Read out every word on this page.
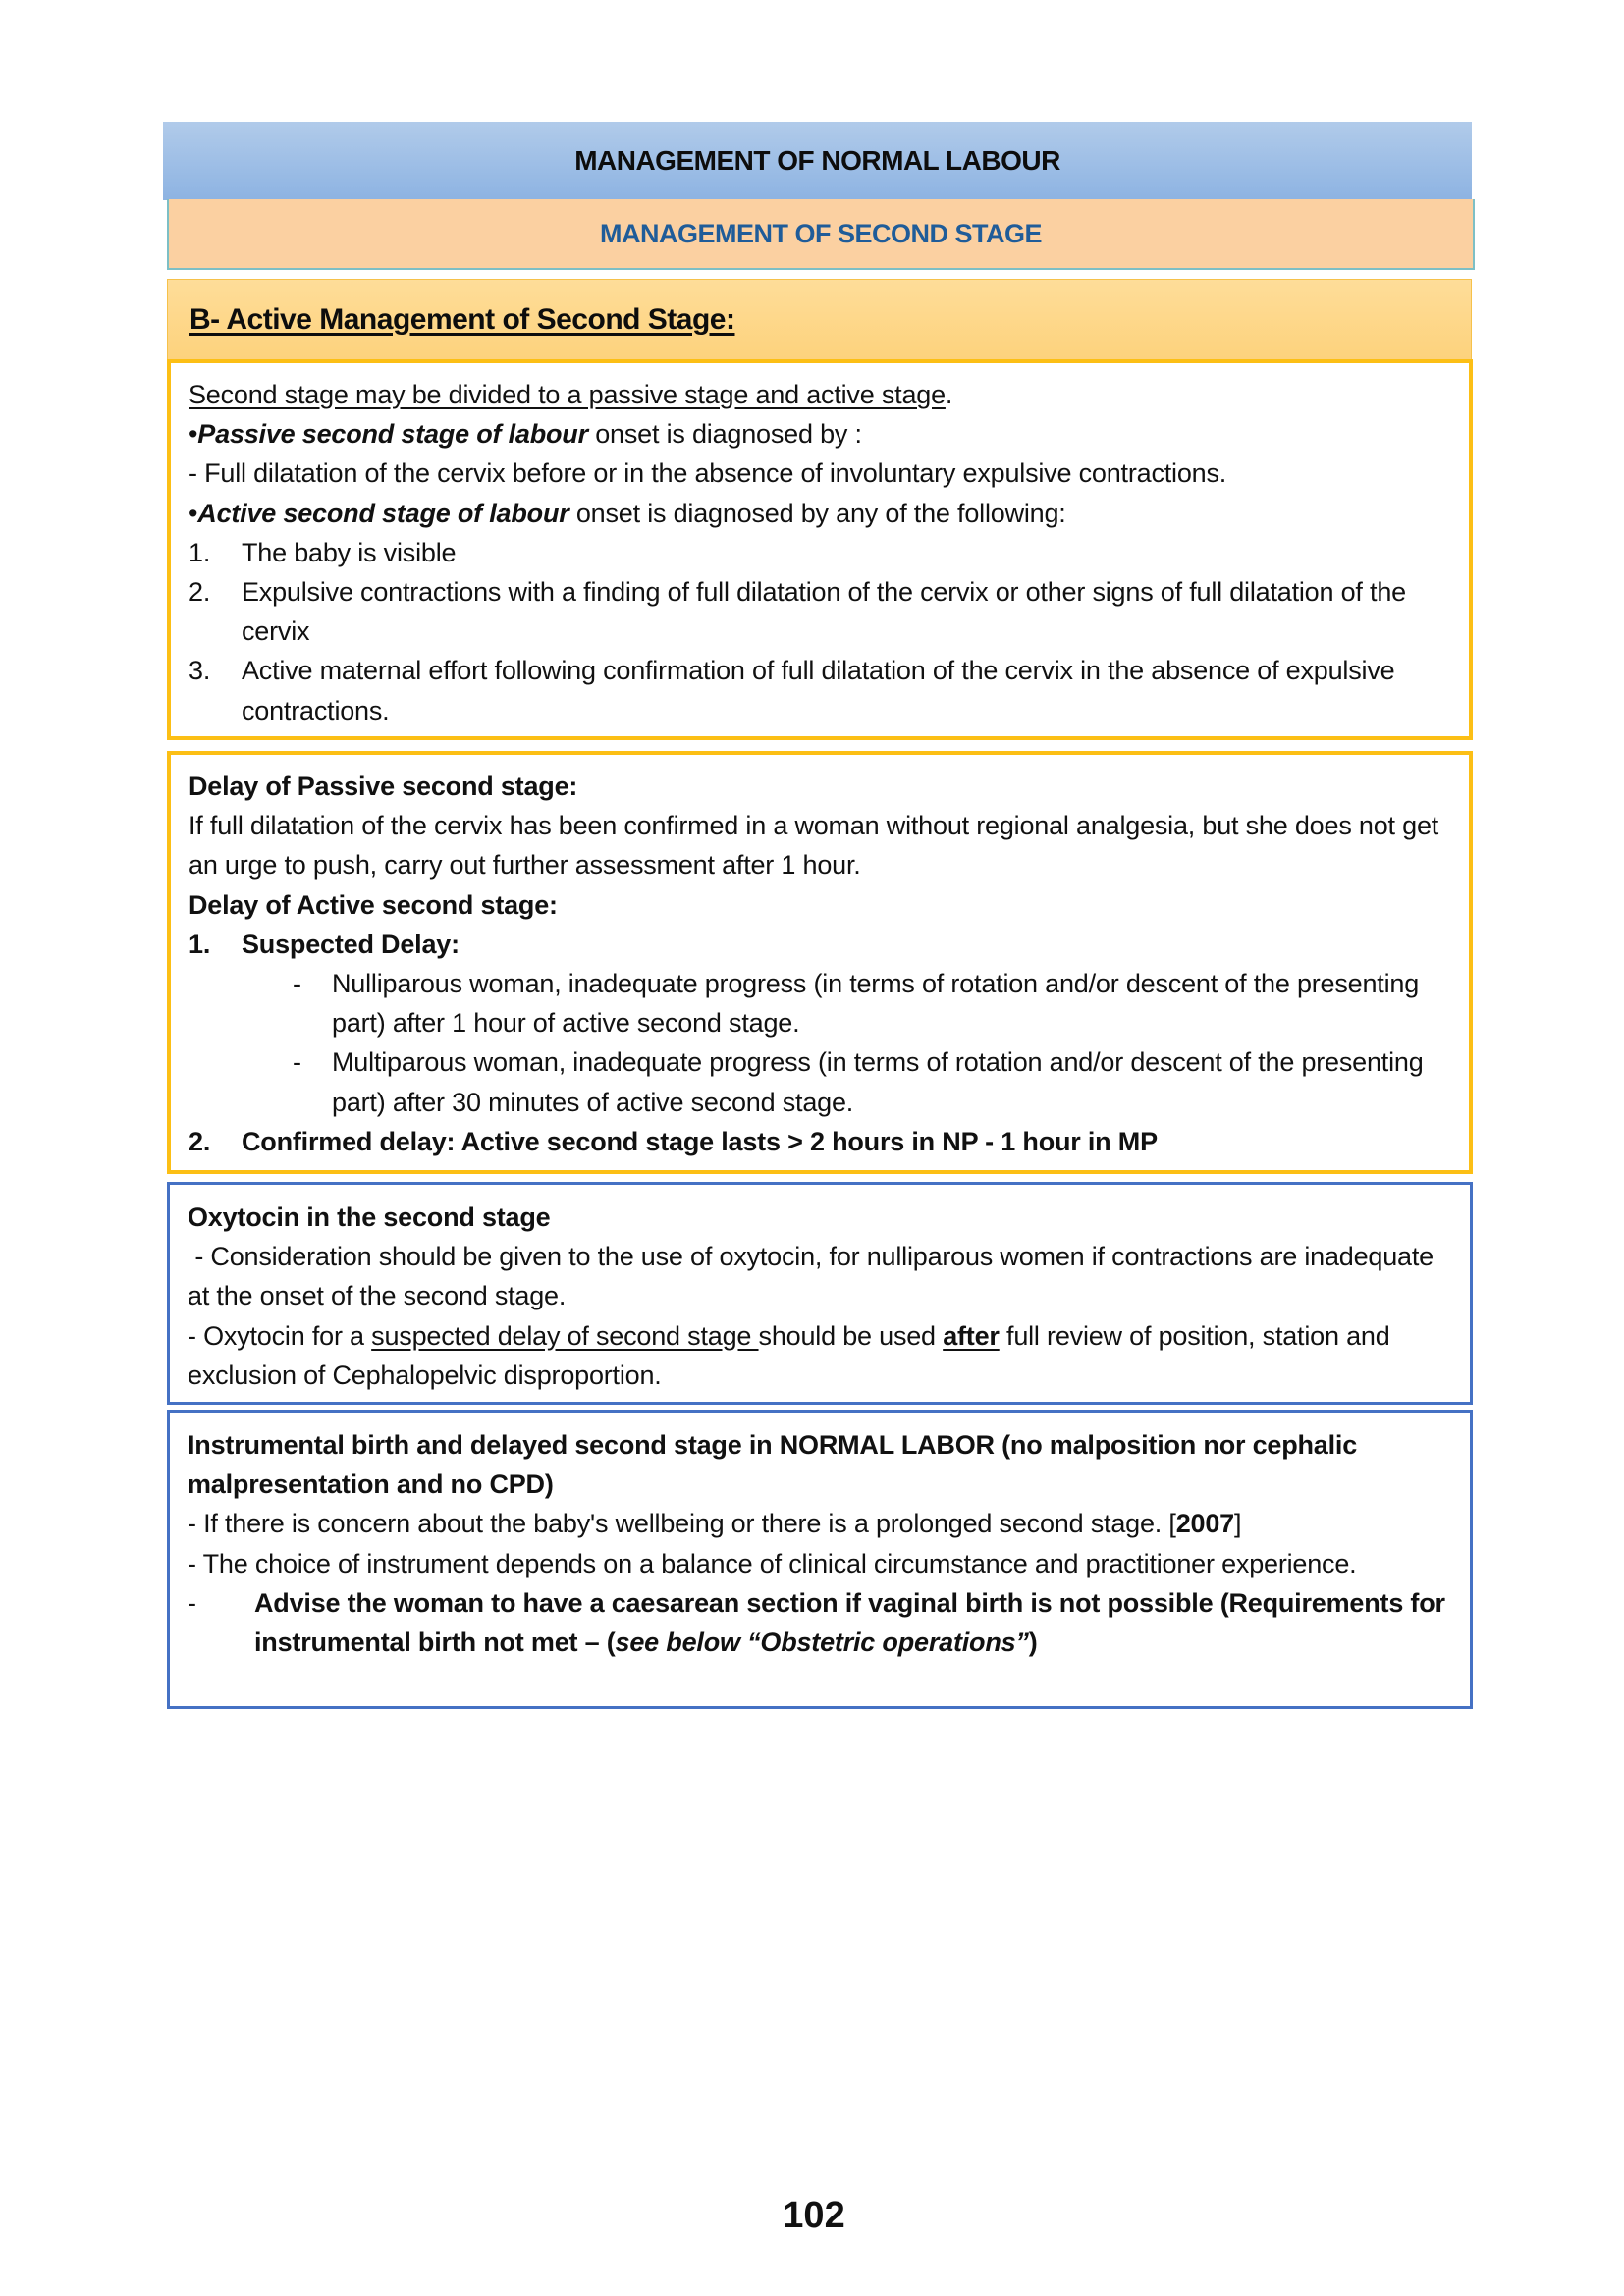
MANAGEMENT OF NORMAL LABOUR
MANAGEMENT OF SECOND STAGE
B- Active Management of Second Stage:
Second stage may be divided to a passive stage and active stage.
•Passive second stage of labour onset is diagnosed by :
- Full dilatation of the cervix before or in the absence of involuntary expulsive contractions.
•Active second stage of labour onset is diagnosed by any of the following:
1.	The baby is visible
2.	Expulsive contractions with a finding of full dilatation of the cervix or other signs of full dilatation of the cervix
3.	Active maternal effort following confirmation of full dilatation of the cervix in the absence of expulsive contractions.
Delay of Passive second stage:
If full dilatation of the cervix has been confirmed in a woman without regional analgesia, but she does not get an urge to push, carry out further assessment after 1 hour.
Delay of Active second stage:
1.	Suspected Delay:
-	Nulliparous woman, inadequate progress (in terms of rotation and/or descent of the presenting part) after 1 hour of active second stage.
-	Multiparous woman, inadequate progress (in terms of rotation and/or descent of the presenting part) after 30 minutes of active second stage.
2.	Confirmed delay: Active second stage lasts > 2 hours in NP - 1 hour in MP
Oxytocin in the second stage
- Consideration should be given to the use of oxytocin, for nulliparous women if contractions are inadequate at the onset of the second stage.
- Oxytocin for a suspected delay of second stage should be used after full review of position, station and exclusion of Cephalopelvic disproportion.
Instrumental birth and delayed second stage in NORMAL LABOR (no malposition nor cephalic malpresentation and no CPD)
- If there is concern about the baby's wellbeing or there is a prolonged second stage. [2007]
- The choice of instrument depends on a balance of clinical circumstance and practitioner experience.
-	Advise the woman to have a caesarean section if vaginal birth is not possible (Requirements for instrumental birth not met – (see below “Obstetric operations”)
102
